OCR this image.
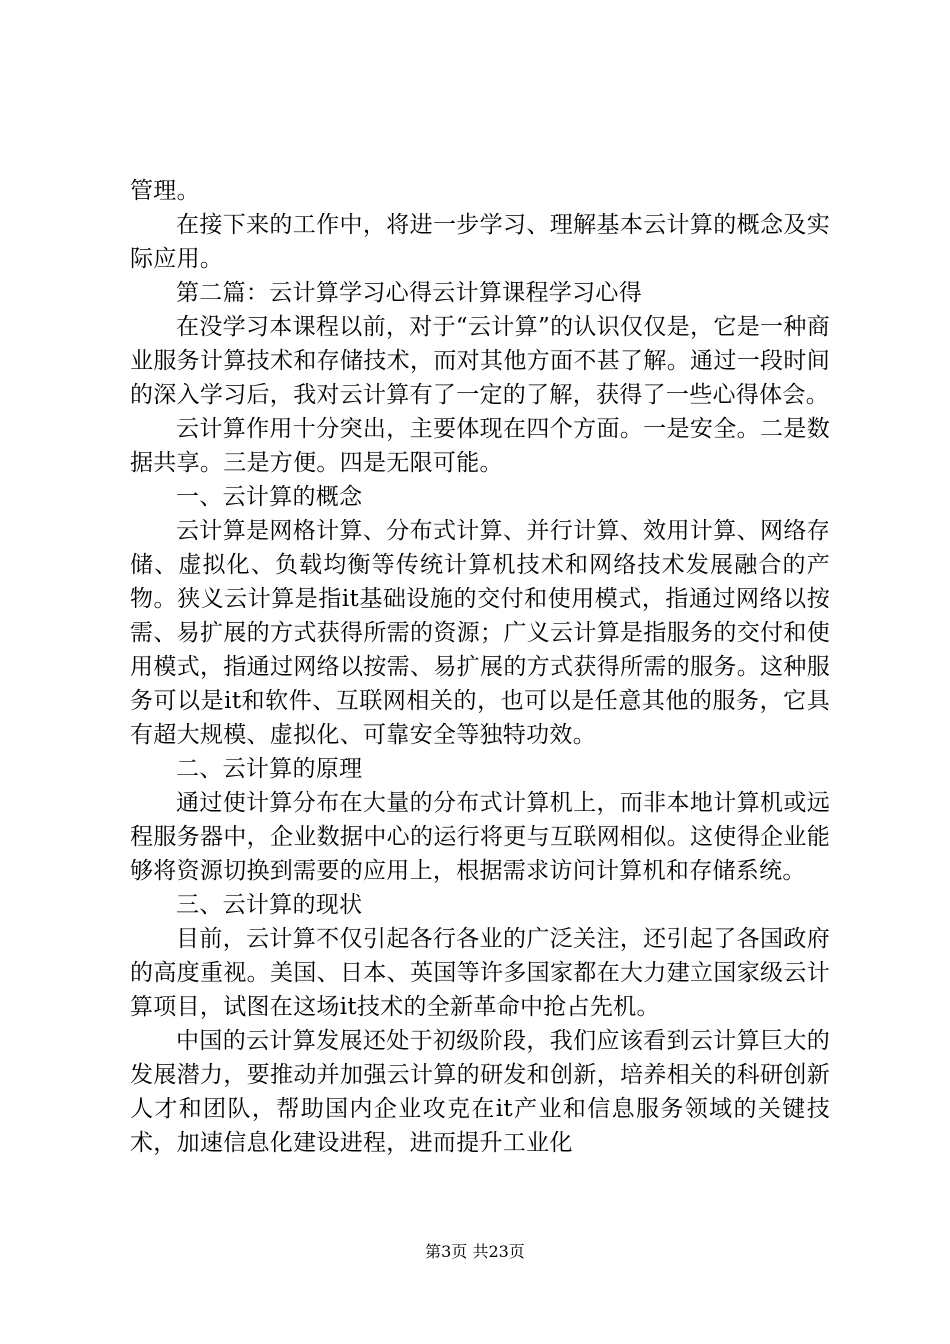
管理。

在接下来的工作中，将进一步学习、理解基本云计算的概念及实际应用。

第二篇：云计算学习心得云计算课程学习心得

在没学习本课程以前，对于“云计算”的认识仅仅是，它是一种商业服务计算技术和存储技术，而对其他方面不甚了解。通过一段时间的深入学习后，我对云计算有了一定的了解，获得了一些心得体会。

云计算作用十分突出，主要体现在四个方面。一是安全。二是数据共享。三是方便。四是无限可能。

一、云计算的概念

云计算是网格计算、分布式计算、并行计算、效用计算、网络存储、虚拟化、负载均衡等传统计算机技术和网络技术发展融合的产物。狭义云计算是指it基础设施的交付和使用模式，指通过网络以按需、易扩展的方式获得所需的资源；广义云计算是指服务的交付和使用模式，指通过网络以按需、易扩展的方式获得所需的服务。这种服务可以是it和软件、互联网相关的，也可以是任意其他的服务，它具有超大规模、虚拟化、可靠安全等独特功效。

二、云计算的原理

通过使计算分布在大量的分布式计算机上，而非本地计算机或远程服务器中，企业数据中心的运行将更与互联网相似。这使得企业能够将资源切换到需要的应用上，根据需求访问计算机和存储系统。

三、云计算的现状

目前，云计算不仅引起各行各业的广泛关注，还引起了各国政府的高度重视。美国、日本、英国等许多国家都在大力建立国家级云计算项目，试图在这场it技术的全新革命中抢占先机。

中国的云计算发展还处于初级阶段，我们应该看到云计算巨大的发展潜力，要推动并加强云计算的研发和创新，培养相关的科研创新人才和团队，帮助国内企业攻克在it产业和信息服务领域的关键技术，加速信息化建设进程，进而提升工业化

第3页 共23页
